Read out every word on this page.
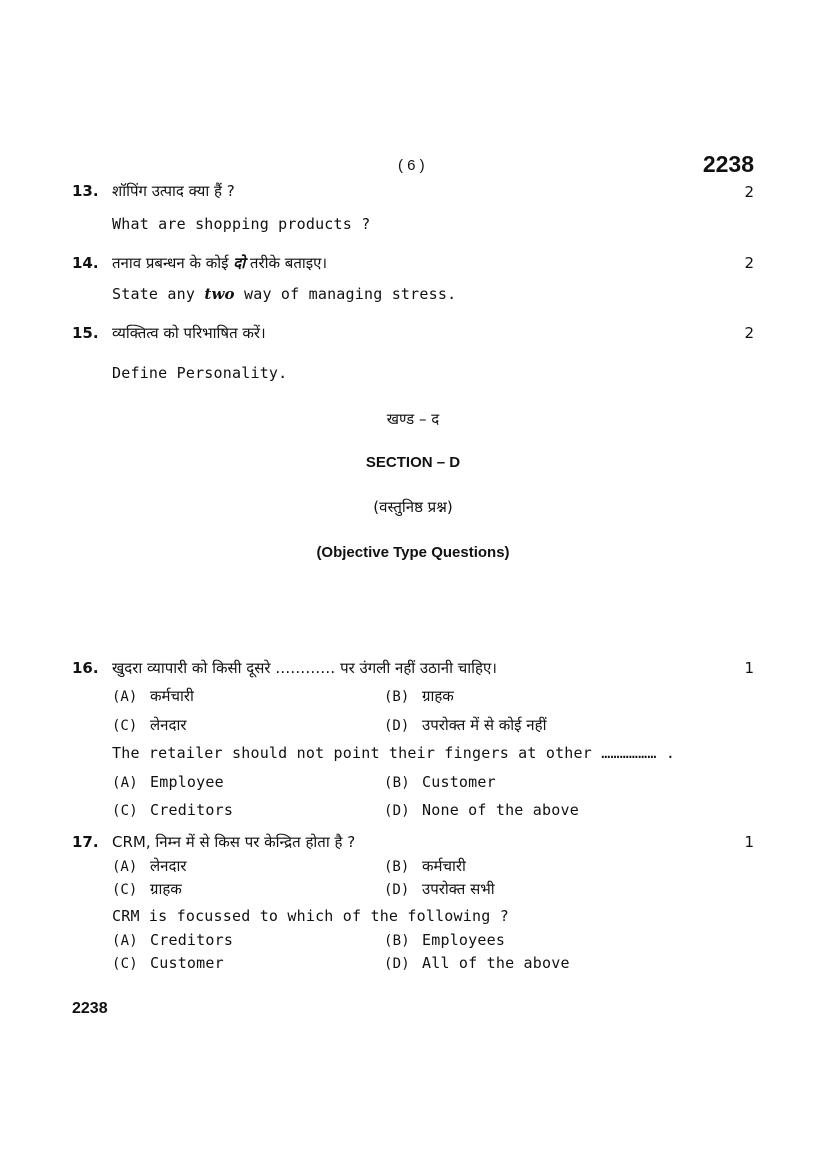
( 6 )	2238
13. शॉपिंग उत्पाद क्या हैं ?	2
What are shopping products ?
14. तनाव प्रबन्धन के कोई दो तरीके बताइए।	2
State any two way of managing stress.
15. व्यक्तित्व को परिभाषित करें।	2
Define Personality.
खण्ड – द
SECTION – D
(वस्तुनिष्ठ प्रश्न)
(Objective Type Questions)
16. खुदरा व्यापारी को किसी दूसरे ………… पर उंगली नहीं उठानी चाहिए।	1
(A) कर्मचारी	(B) ग्राहक
(C) लेनदार	(D) उपरोक्त में से कोई नहीं
The retailer should not point their fingers at other ……………… .
(A) Employee	(B) Customer
(C) Creditors	(D) None of the above
17. CRM, निम्न में से किस पर केन्द्रित होता है ?	1
(A) लेनदार	(B) कर्मचारी
(C) ग्राहक	(D) उपरोक्त सभी
CRM is focussed to which of the following ?
(A) Creditors	(B) Employees
(C) Customer	(D) All of the above
2238
